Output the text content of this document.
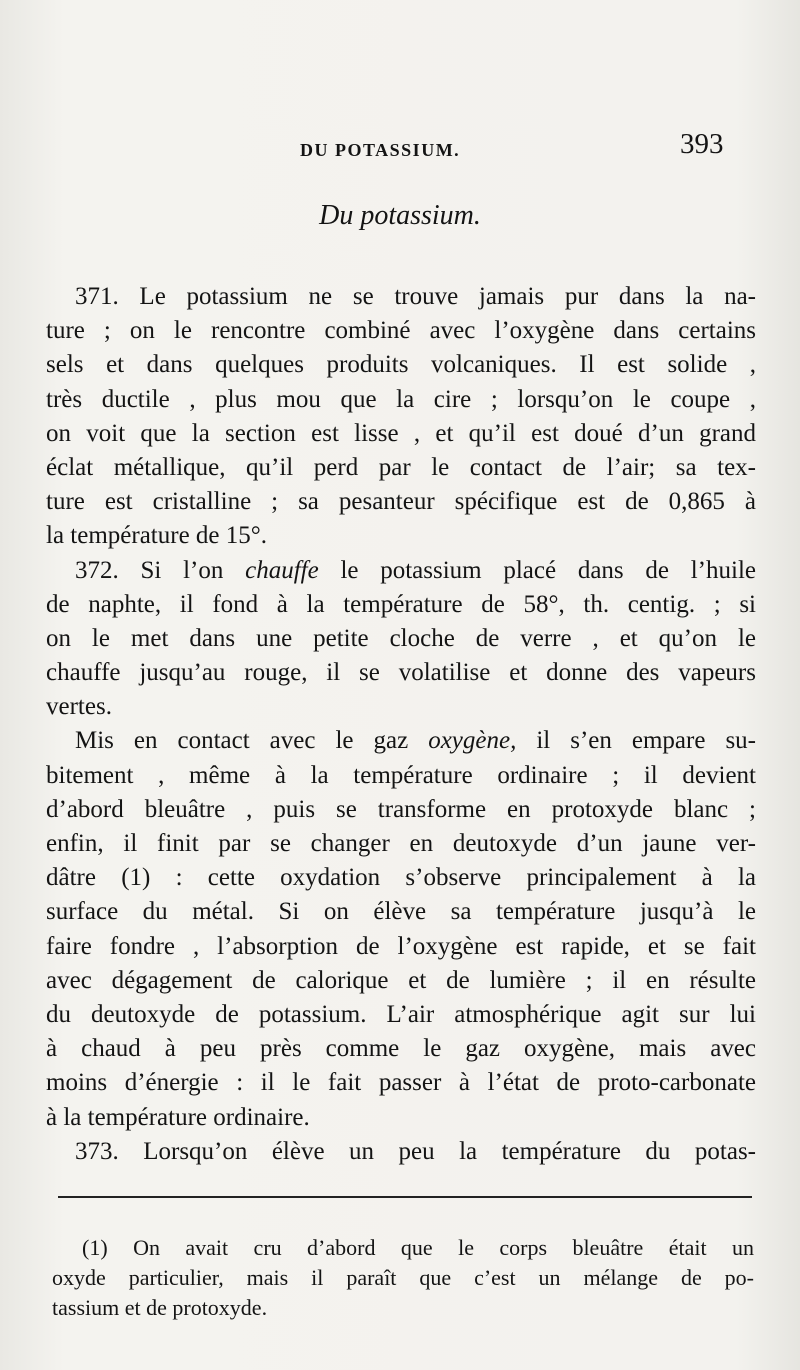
DU POTASSIUM.	393
Du potassium.
371. Le potassium ne se trouve jamais pur dans la na-
ture ; on le rencontre combiné avec l’oxygène dans certains
sels et dans quelques produits volcaniques. Il est solide ,
très ductile , plus mou que la cire ; lorsqu’on le coupe ,
on voit que la section est lisse , et qu’il est doué d’un grand
éclat métallique, qu’il perd par le contact de l’air; sa tex-
ture est cristalline ; sa pesanteur spécifique est de 0,865 à
la température de 15°.
372. Si l’on chauffe le potassium placé dans de l’huile
de naphte, il fond à la température de 58°, th. centig. ; si
on le met dans une petite cloche de verre , et qu’on le
chauffe jusqu’au rouge, il se volatilise et donne des vapeurs
vertes.
Mis en contact avec le gaz oxygène, il s’en empare su-
bitement , même à la température ordinaire ; il devient
d’abord bleuâtre , puis se transforme en protoxyde blanc ;
enfin, il finit par se changer en deutoxyde d’un jaune ver-
dâtre (1) : cette oxydation s’observe principalement à la
surface du métal. Si on élève sa température jusqu’à le
faire fondre , l’absorption de l’oxygène est rapide, et se fait
avec dégagement de calorique et de lumière ; il en résulte
du deutoxyde de potassium. L’air atmosphérique agit sur lui
à chaud à peu près comme le gaz oxygène, mais avec
moins d’énergie : il le fait passer à l’état de proto-carbonate
à la température ordinaire.
373. Lorsqu’on élève un peu la température du potas-
(1) On avait cru d’abord que le corps bleuâtre était un
oxyde particulier, mais il paraît que c’est un mélange de po-
tassium et de protoxyde.
